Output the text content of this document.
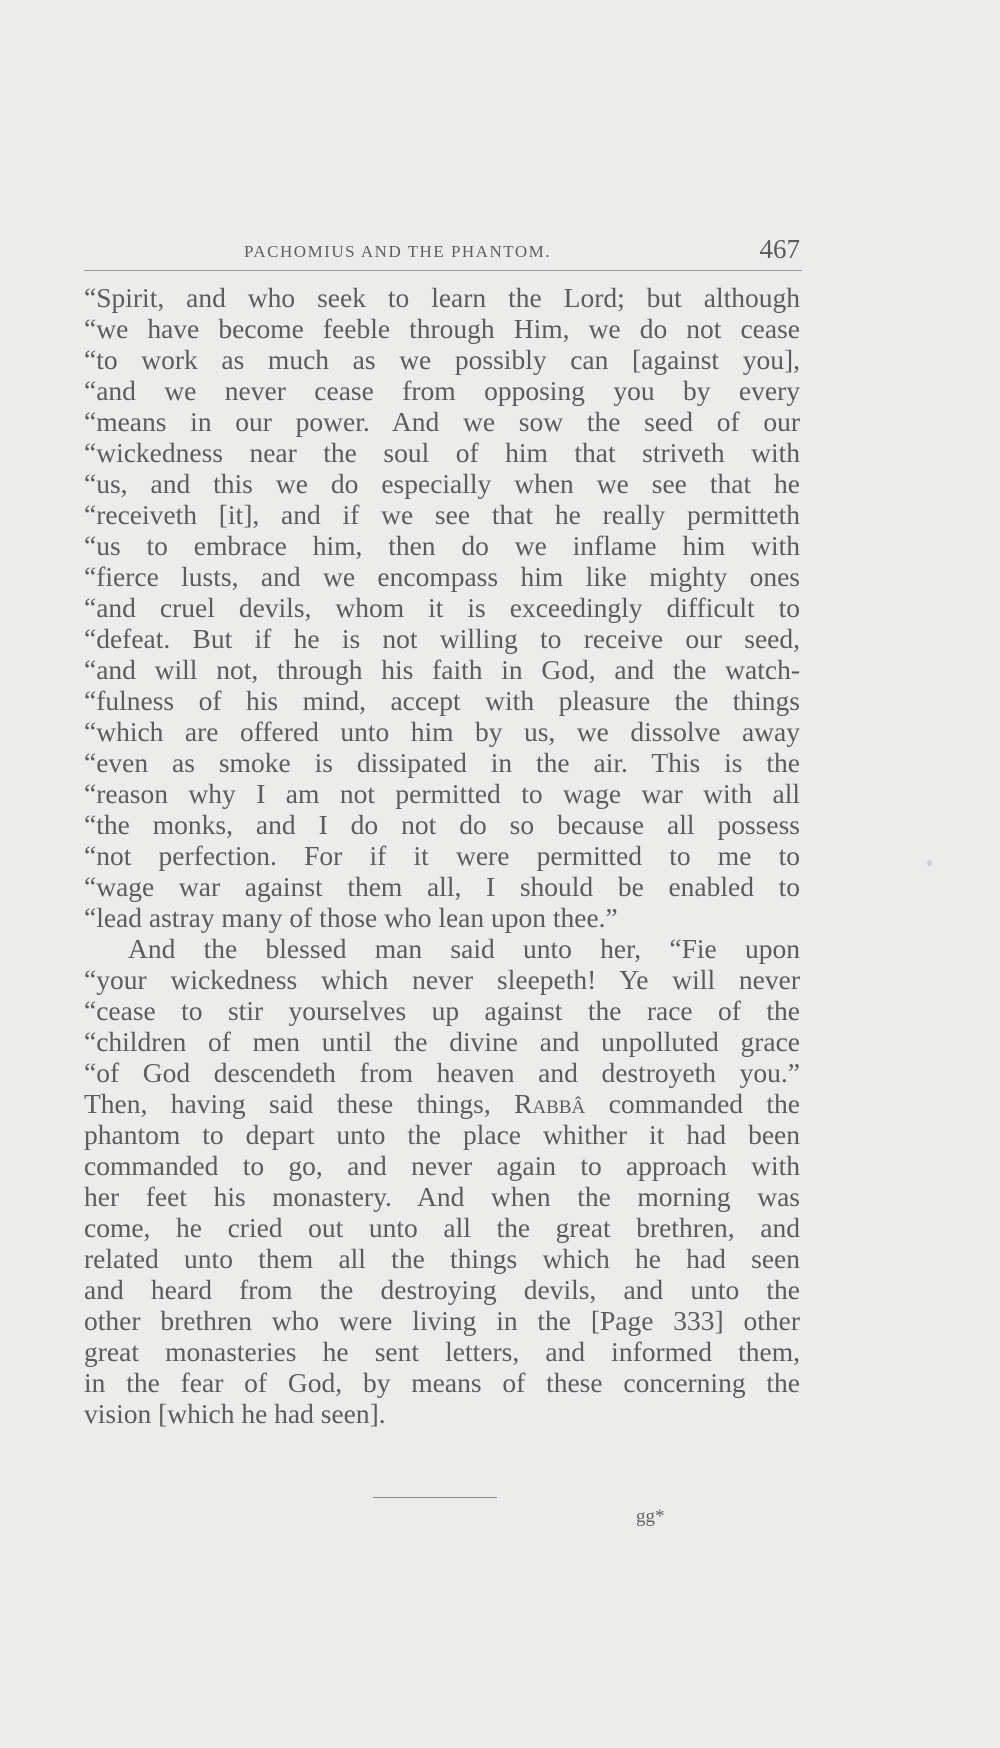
PACHOMIUS AND THE PHANTOM.	467
“Spirit, and who seek to learn the Lord; but although
“we have become feeble through Him, we do not cease
“to work as much as we possibly can [against you],
“and we never cease from opposing you by every
“means in our power. And we sow the seed of our
“wickedness near the soul of him that striveth with
“us, and this we do especially when we see that he
“receiveth [it], and if we see that he really permitteth
“us to embrace him, then do we inflame him with
“fierce lusts, and we encompass him like mighty ones
“and cruel devils, whom it is exceedingly difficult to
“defeat. But if he is not willing to receive our seed,
“and will not, through his faith in God, and the watch-
“fulness of his mind, accept with pleasure the things
“which are offered unto him by us, we dissolve away
“even as smoke is dissipated in the air. This is the
“reason why I am not permitted to wage war with all
“the monks, and I do not do so because all possess
“not perfection. For if it were permitted to me to
“wage war against them all, I should be enabled to
“lead astray many of those who lean upon thee.”
And the blessed man said unto her, “Fie upon
“your wickedness which never sleepeth! Ye will never
“cease to stir yourselves up against the race of the
“children of men until the divine and unpolluted grace
“of God descendeth from heaven and destroyeth you.”
Then, having said these things, Rabbâ commanded the
phantom to depart unto the place whither it had been
commanded to go, and never again to approach with
her feet his monastery. And when the morning was
come, he cried out unto all the great brethren, and
related unto them all the things which he had seen
and heard from the destroying devils, and unto the
other brethren who were living in the [Page 333] other
great monasteries he sent letters, and informed them,
in the fear of God, by means of these concerning the
vision [which he had seen].
gg*
